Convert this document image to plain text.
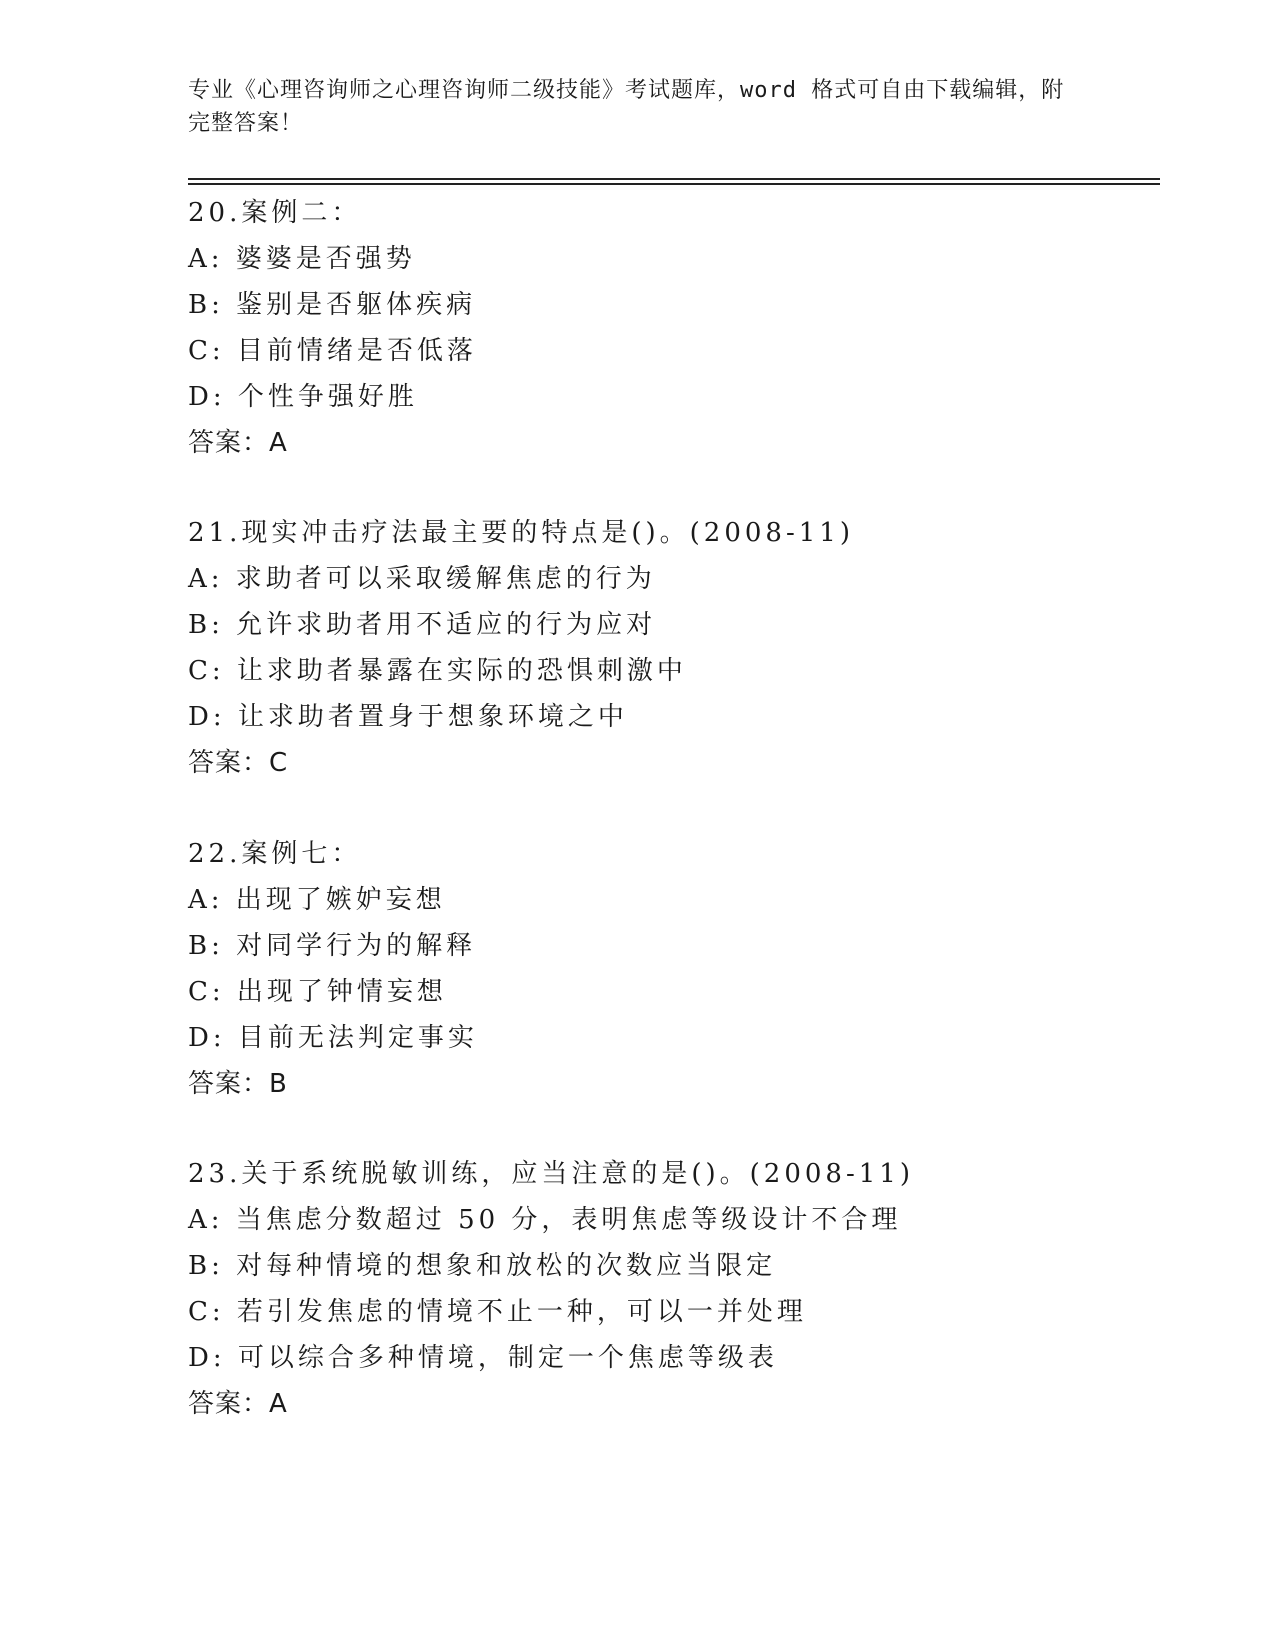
专业《心理咨询师之心理咨询师二级技能》考试题库，word 格式可自由下载编辑，附完整答案！
20.案例二：
A: 婆婆是否强势
B: 鉴别是否躯体疾病
C: 目前情绪是否低落
D: 个性争强好胜
答案：A
21.现实冲击疗法最主要的特点是()。(2008-11)
A: 求助者可以采取缓解焦虑的行为
B: 允许求助者用不适应的行为应对
C: 让求助者暴露在实际的恐惧刺激中
D: 让求助者置身于想象环境之中
答案：C
22.案例七：
A: 出现了嫉妒妄想
B: 对同学行为的解释
C: 出现了钟情妄想
D: 目前无法判定事实
答案：B
23.关于系统脱敏训练，应当注意的是()。(2008-11)
A: 当焦虑分数超过 50 分，表明焦虑等级设计不合理
B: 对每种情境的想象和放松的次数应当限定
C: 若引发焦虑的情境不止一种，可以一并处理
D: 可以综合多种情境，制定一个焦虑等级表
答案：A
